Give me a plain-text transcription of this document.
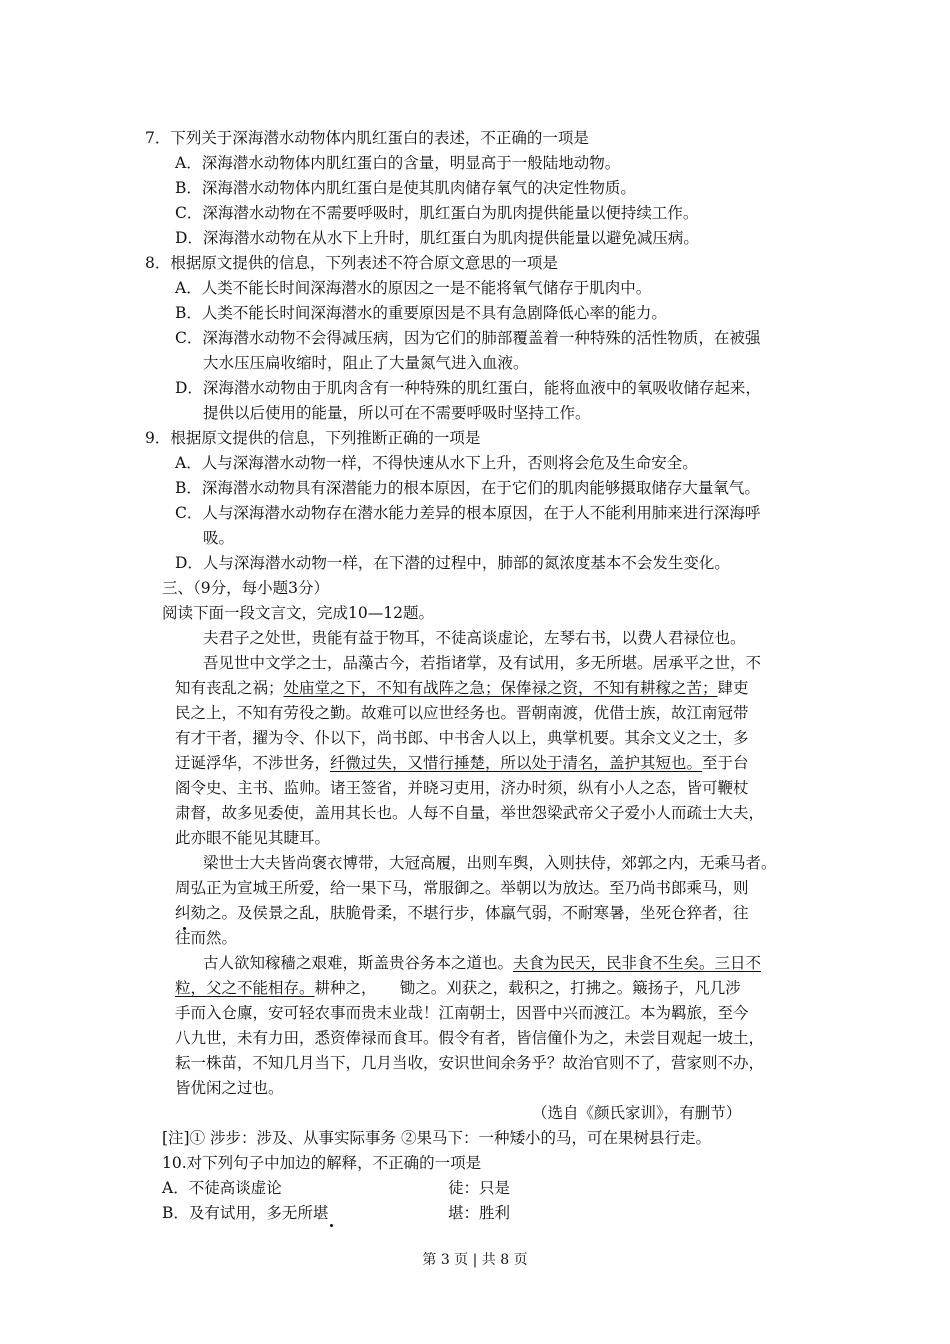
7．下列关于深海潜水动物体内肌红蛋白的表述，不正确的一项是
A．深海潜水动物体内肌红蛋白的含量，明显高于一般陆地动物。
B．深海潜水动物体内肌红蛋白是使其肌肉储存氧气的决定性物质。
C．深海潜水动物在不需要呼吸时，肌红蛋白为肌肉提供能量以便持续工作。
D．深海潜水动物在从水下上升时，肌红蛋白为肌肉提供能量以避免减压病。
8．根据原文提供的信息，下列表述不符合原文意思的一项是
A．人类不能长时间深海潜水的原因之一是不能将氧气储存于肌肉中。
B．人类不能长时间深海潜水的重要原因是不具有急剧降低心率的能力。
C．深海潜水动物不会得减压病，因为它们的肺部覆盖着一种特殊的活性物质，在被强
大水压压扁收缩时，阻止了大量氮气进入血液。
D．深海潜水动物由于肌肉含有一种特殊的肌红蛋白，能将血液中的氧吸收储存起来，
提供以后使用的能量，所以可在不需要呼吸时坚持工作。
9．根据原文提供的信息，下列推断正确的一项是
A．人与深海潜水动物一样，不得快速从水下上升，否则将会危及生命安全。
B．深海潜水动物具有深潜能力的根本原因，在于它们的肌肉能够摄取储存大量氧气。
C．人与深海潜水动物存在潜水能力差异的根本原因，在于人不能利用肺来进行深海呼
吸。
D．人与深海潜水动物一样，在下潜的过程中，肺部的氮浓度基本不会发生变化。
三、（9分，每小题3分）
阅读下面一段文言文，完成10—12题。
夫君子之处世，贵能有益于物耳，不徒高谈虚论，左琴右书，以费人君禄位也。
吾见世中文学之士，品藻古今，若指诸掌，及有试用，多无所堪。居承平之世，不
知有丧乱之祸；处庙堂之下，不知有战阵之急；保俸禄之资，不知有耕稼之苦；肆吏
民之上，不知有劳役之勤。故难可以应世经务也。晋朝南渡，优借士族，故江南冠带
有才干者，擢为令、仆以下，尚书郎、中书舍人以上，典掌机要。其余文义之士，多
迂诞浮华，不涉世务，纤微过失，又惜行捶楚，所以处于清名，盖护其短也。至于台
阁令史、主书、监帅。诸王签省，并晓习吏用，济办时须，纵有小人之态，皆可鞭杖
肃督，故多见委使，盖用其长也。人每不自量，举世怨梁武帝父子爱小人而疏士大夫，
此亦眼不能见其睫耳。
梁世士大夫皆尚褒衣博带，大冠高履，出则车舆，入则扶侍，郊郭之内，无乘马者。
周弘正为宣城王所爱，给一果下马，常服御之。举朝以为放达。至乃尚书郎乘马，则
纠劾之。及侯景之乱，肤脆骨柔，不堪行步，体羸气弱，不耐寒暑，坐死仓猝者，往
往而然。
古人欲知稼穑之艰难，斯盖贵谷务本之道也。夫食为民天，民非食不生矣。三日不
粒，父之不能相存。耕种之，　　锄之。刈获之，载积之，打拂之。簸扬子，凡几涉
手而入仓廪，安可轻农事而贵末业哉！江南朝士，因晋中兴而渡江。本为羁旅，至今
八九世，未有力田，悉资俸禄而食耳。假令有者，皆信僮仆为之，未尝目观起一坡土，
耘一株苗，不知几月当下，几月当收，安识世间余务乎？故治官则不了，营家则不办，
皆优闲之过也。
（选自《颜氏家训》，有删节）
[注]① 涉步：涉及、从事实际事务 ②果马下：一种矮小的马，可在果树县行走。
10.对下列句子中加边的解释，不正确的一项是
A．不徒高谈虚论	徒：只是
B．及有试用，多无所堪	堪：胜利
第 3 页 | 共 8 页
